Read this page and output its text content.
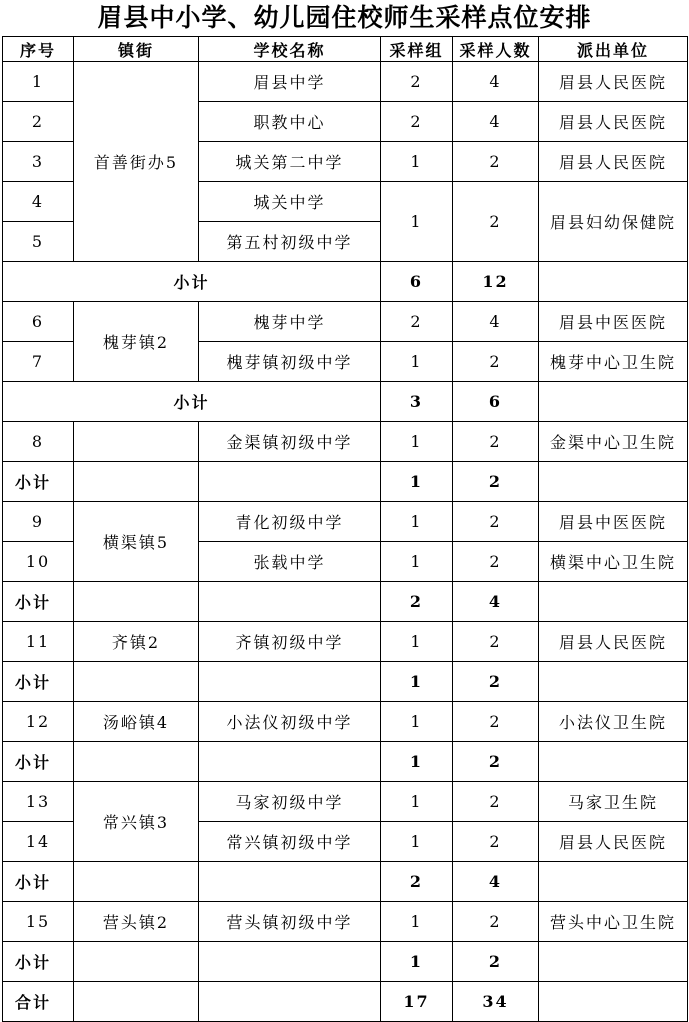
眉县中小学、幼儿园住校师生采样点位安排
序号	镇街	学校名称	采样组	采样人数	派出单位
1	首善街办5	眉县中学	2	4	眉县人民医院
2		职教中心	2	4	眉县人民医院
3		城关第二中学	1	2	眉县人民医院
4		城关中学	1	2	眉县妇幼保健院
5		第五村初级中学			
小计			6	12	
6	槐芽镇2	槐芽中学	2	4	眉县中医医院
7		槐芽镇初级中学	1	2	槐芽中心卫生院
小计			3	6	
8		金渠镇初级中学	1	2	金渠中心卫生院
小计			1	2	
9	横渠镇5	青化初级中学	1	2	眉县中医医院
10		张载中学	1	2	横渠中心卫生院
小计			2	4	
11	齐镇2	齐镇初级中学	1	2	眉县人民医院
小计			1	2	
12	汤峪镇4	小法仪初级中学	1	2	小法仪卫生院
小计			1	2	
13	常兴镇3	马家初级中学	1	2	马家卫生院
14		常兴镇初级中学	1	2	眉县人民医院
小计			2	4	
15	营头镇2	营头镇初级中学	1	2	营头中心卫生院
小计			1	2	
合计			17	34	
